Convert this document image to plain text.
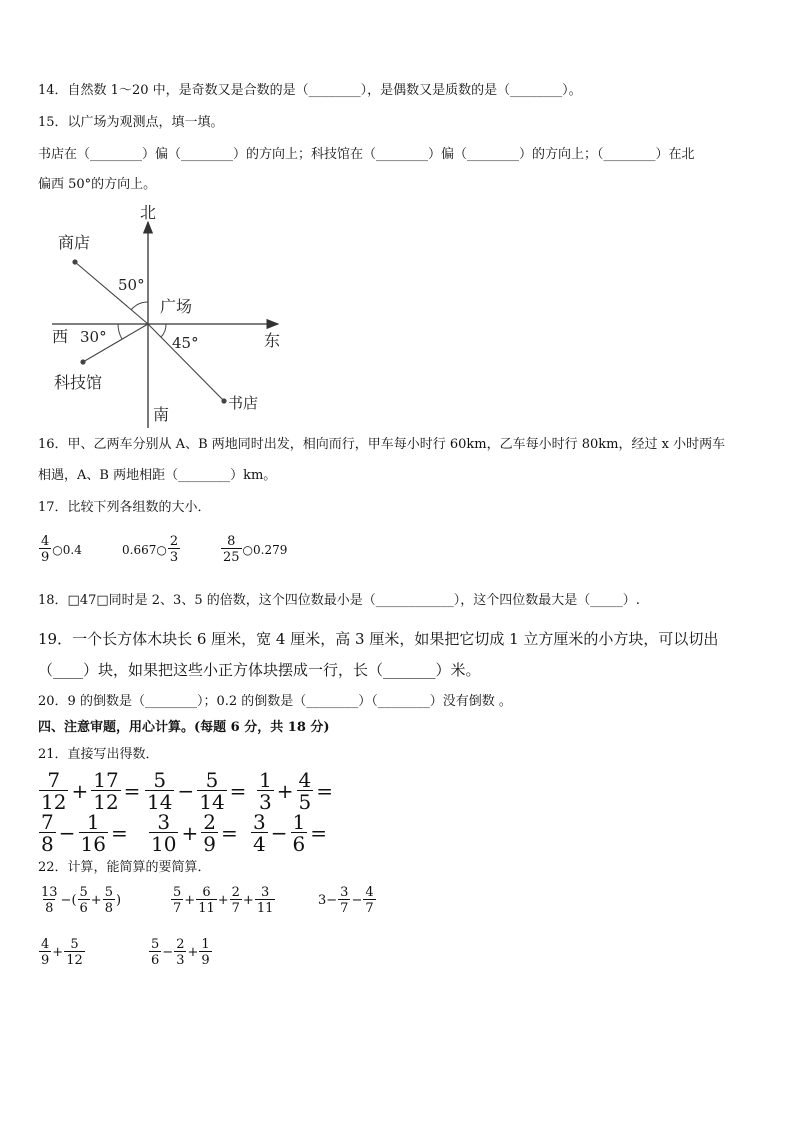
14．自然数 1～20 中，是奇数又是合数的是（________），是偶数又是质数的是（________）。
15．以广场为观测点，填一填。
书店在（________）偏（________）的方向上；科技馆在（________）偏（________）的方向上；（________）在北
偏西 50°的方向上。
北
南
东
西
广场
商店
书店
科技馆
50°
30°	45°
16．甲、乙两车分别从 A、B 两地同时出发，相向而行，甲车每小时行 60km，乙车每小时行 80km，经过 x 小时两车
相遇，A、B 两地相距（________）km。
17．比较下列各组数的大小．
$\frac{4}{9}$ ○0.4	0.667○ $\frac{2}{3}$	$\frac{8}{25}$ ○0.279
18．□47□同时是 2、3、5 的倍数，这个四位数最小是（____________），这个四位数最大是（_____）.
19．一个长方体木块长 6 厘米，宽 4 厘米，高 3 厘米，如果把它切成 1 立方厘米的小方块，可以切出
（____）块，如果把这些小正方体块摆成一行，长（_______）米。
20．9 的倒数是（________）；0.2 的倒数是（________）（________）没有倒数 。
四、注意审题，用心计算。(每题 6 分，共 18 分)
21．直接写出得数．
$\frac{7}{12} + \frac{17}{12} = \frac{5}{14} - \frac{5}{14} = \frac{1}{3} + \frac{4}{5}$ =
$\frac{7}{8} - \frac{1}{16} = \frac{3}{10} + \frac{2}{9} = \frac{3}{4} - \frac{1}{6}$ =
22．计算，能简算的要简算．
$\frac{13}{8}$ −( $\frac{5}{6} + \frac{5}{8}$ )	$\frac{5}{7} + \frac{6}{11} + \frac{2}{7} + \frac{3}{11}$	$3- \frac{3}{7} - \frac{4}{7}$
$\frac{4}{9} + \frac{5}{12}$	$\frac{5}{6} - \frac{2}{3} + \frac{1}{9}$
